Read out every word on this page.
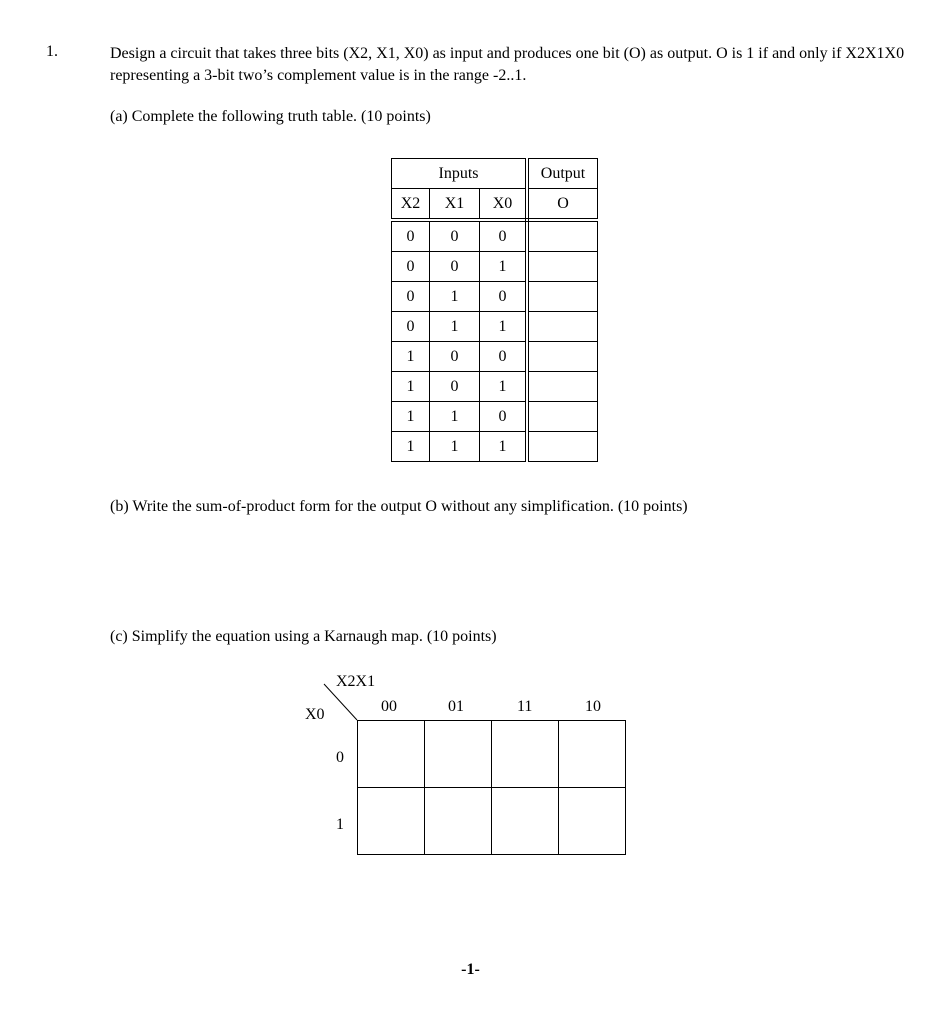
1.	Design a circuit that takes three bits (X2, X1, X0) as input and produces one bit (O) as output. O is 1 if and only if X2X1X0 representing a 3-bit two’s complement value is in the range -2..1.
(a) Complete the following truth table. (10 points)
Inputs			Output
X2	X1	X0	O
0	0	0	
0	0	1	
0	1	0	
0	1	1	
1	0	0	
1	0	1	
1	1	0	
1	1	1	
(b) Write the sum-of-product form for the output O without any simplification. (10 points)
(c) Simplify the equation using a Karnaugh map. (10 points)
X2X1
X0	00	01	11	10
0
1

-1-
